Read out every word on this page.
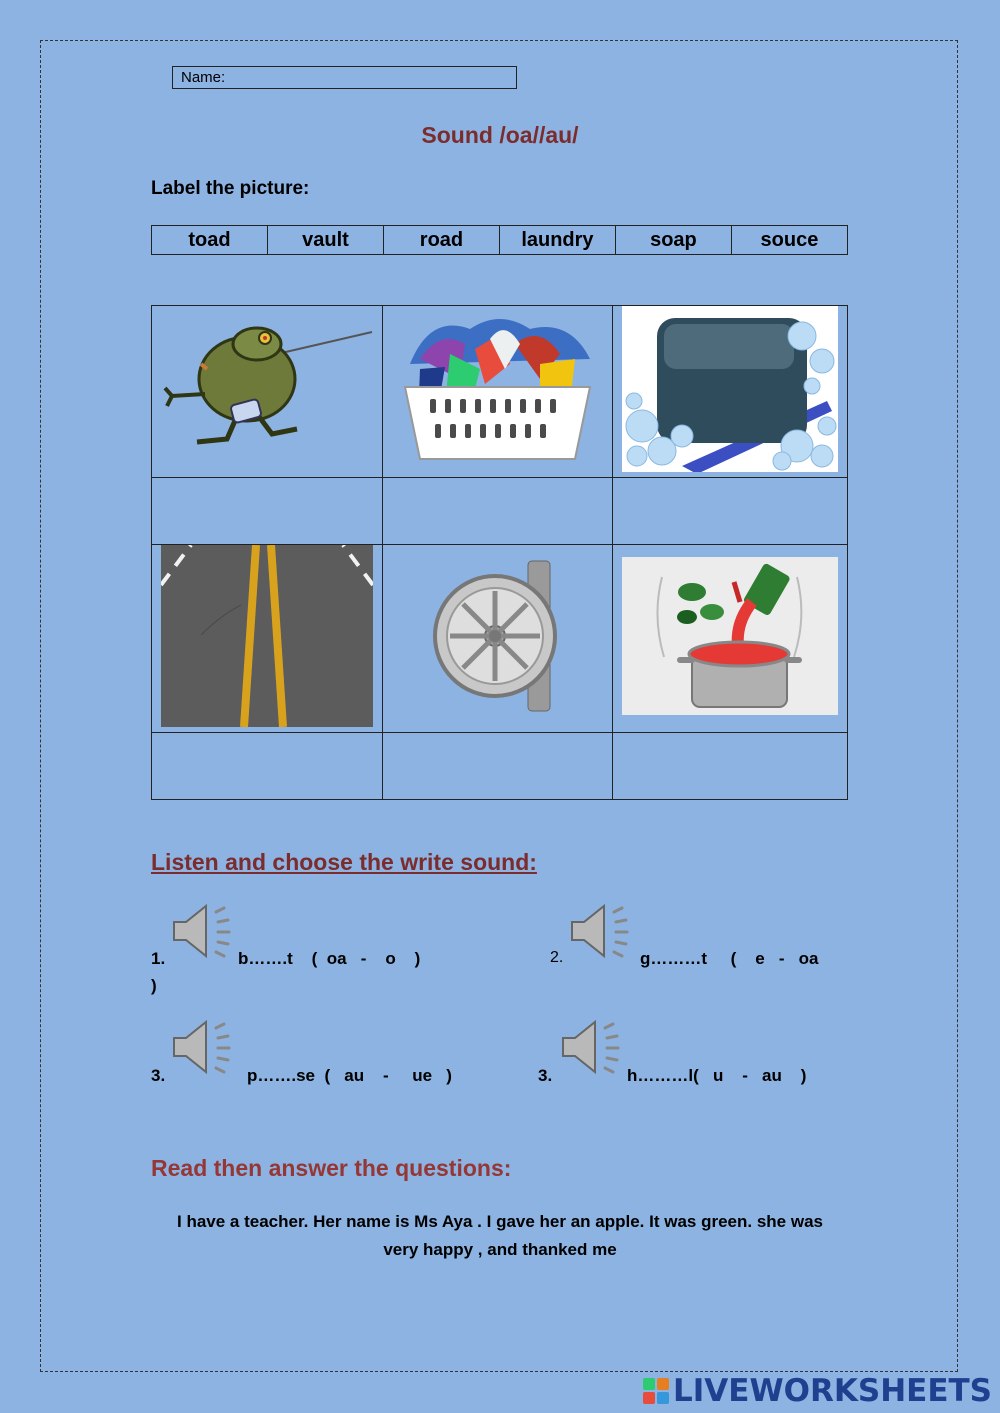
Name:
Sound /oa//au/
Label the picture:
toad	vault	road	laundry	soap	souce

Listen and choose the write sound:
1.	b…….t    (  oa   -    o    )
)
2.	g………t     (    e   -   oa
3.	p…….se  (   au    -     ue   )	3.	h………l(   u    -   au    )
Read then answer the questions:
I have a teacher. Her name is Ms Aya . I gave her an apple. It was green. she was
very happy , and thanked me
LIVEWORKSHEETS
